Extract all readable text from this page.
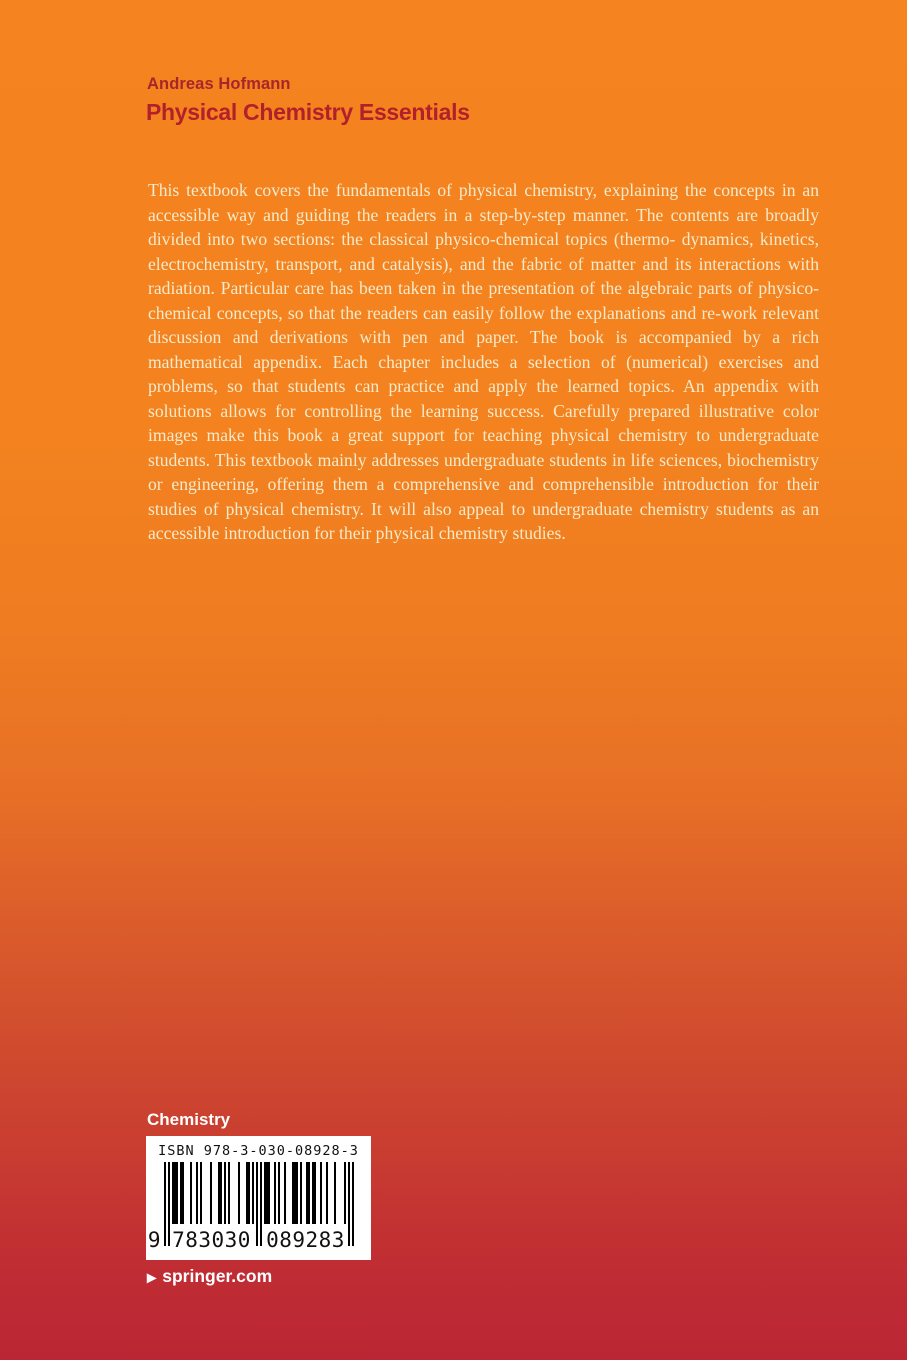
Andreas Hofmann
Physical Chemistry Essentials
This textbook covers the fundamentals of physical chemistry, explaining the concepts in an accessible way and guiding the readers in a step-by-step manner. The contents are broadly divided into two sections: the classical physico-chemical topics (thermo- dynamics, kinetics, electrochemistry, transport, and catalysis), and the fabric of matter and its interactions with radiation. Particular care has been taken in the presentation of the algebraic parts of physico-chemical concepts, so that the readers can easily follow the explanations and re-work relevant discussion and derivations with pen and paper. The book is accompanied by a rich mathematical appendix. Each chapter includes a selection of (numerical) exercises and problems, so that students can practice and apply the learned topics. An appendix with solutions allows for controlling the learning success. Carefully prepared illustrative color images make this book a great support for teaching physical chemistry to undergraduate students. This textbook mainly addresses undergraduate students in life sciences, biochemistry or engineering, offering them a comprehensive and comprehensible introduction for their studies of physical chemistry. It will also appeal to undergraduate chemistry students as an accessible introduction for their physical chemistry studies.
Chemistry
ISBN 978-3-030-08928-3
9 783030 089283
▶ springer.com
